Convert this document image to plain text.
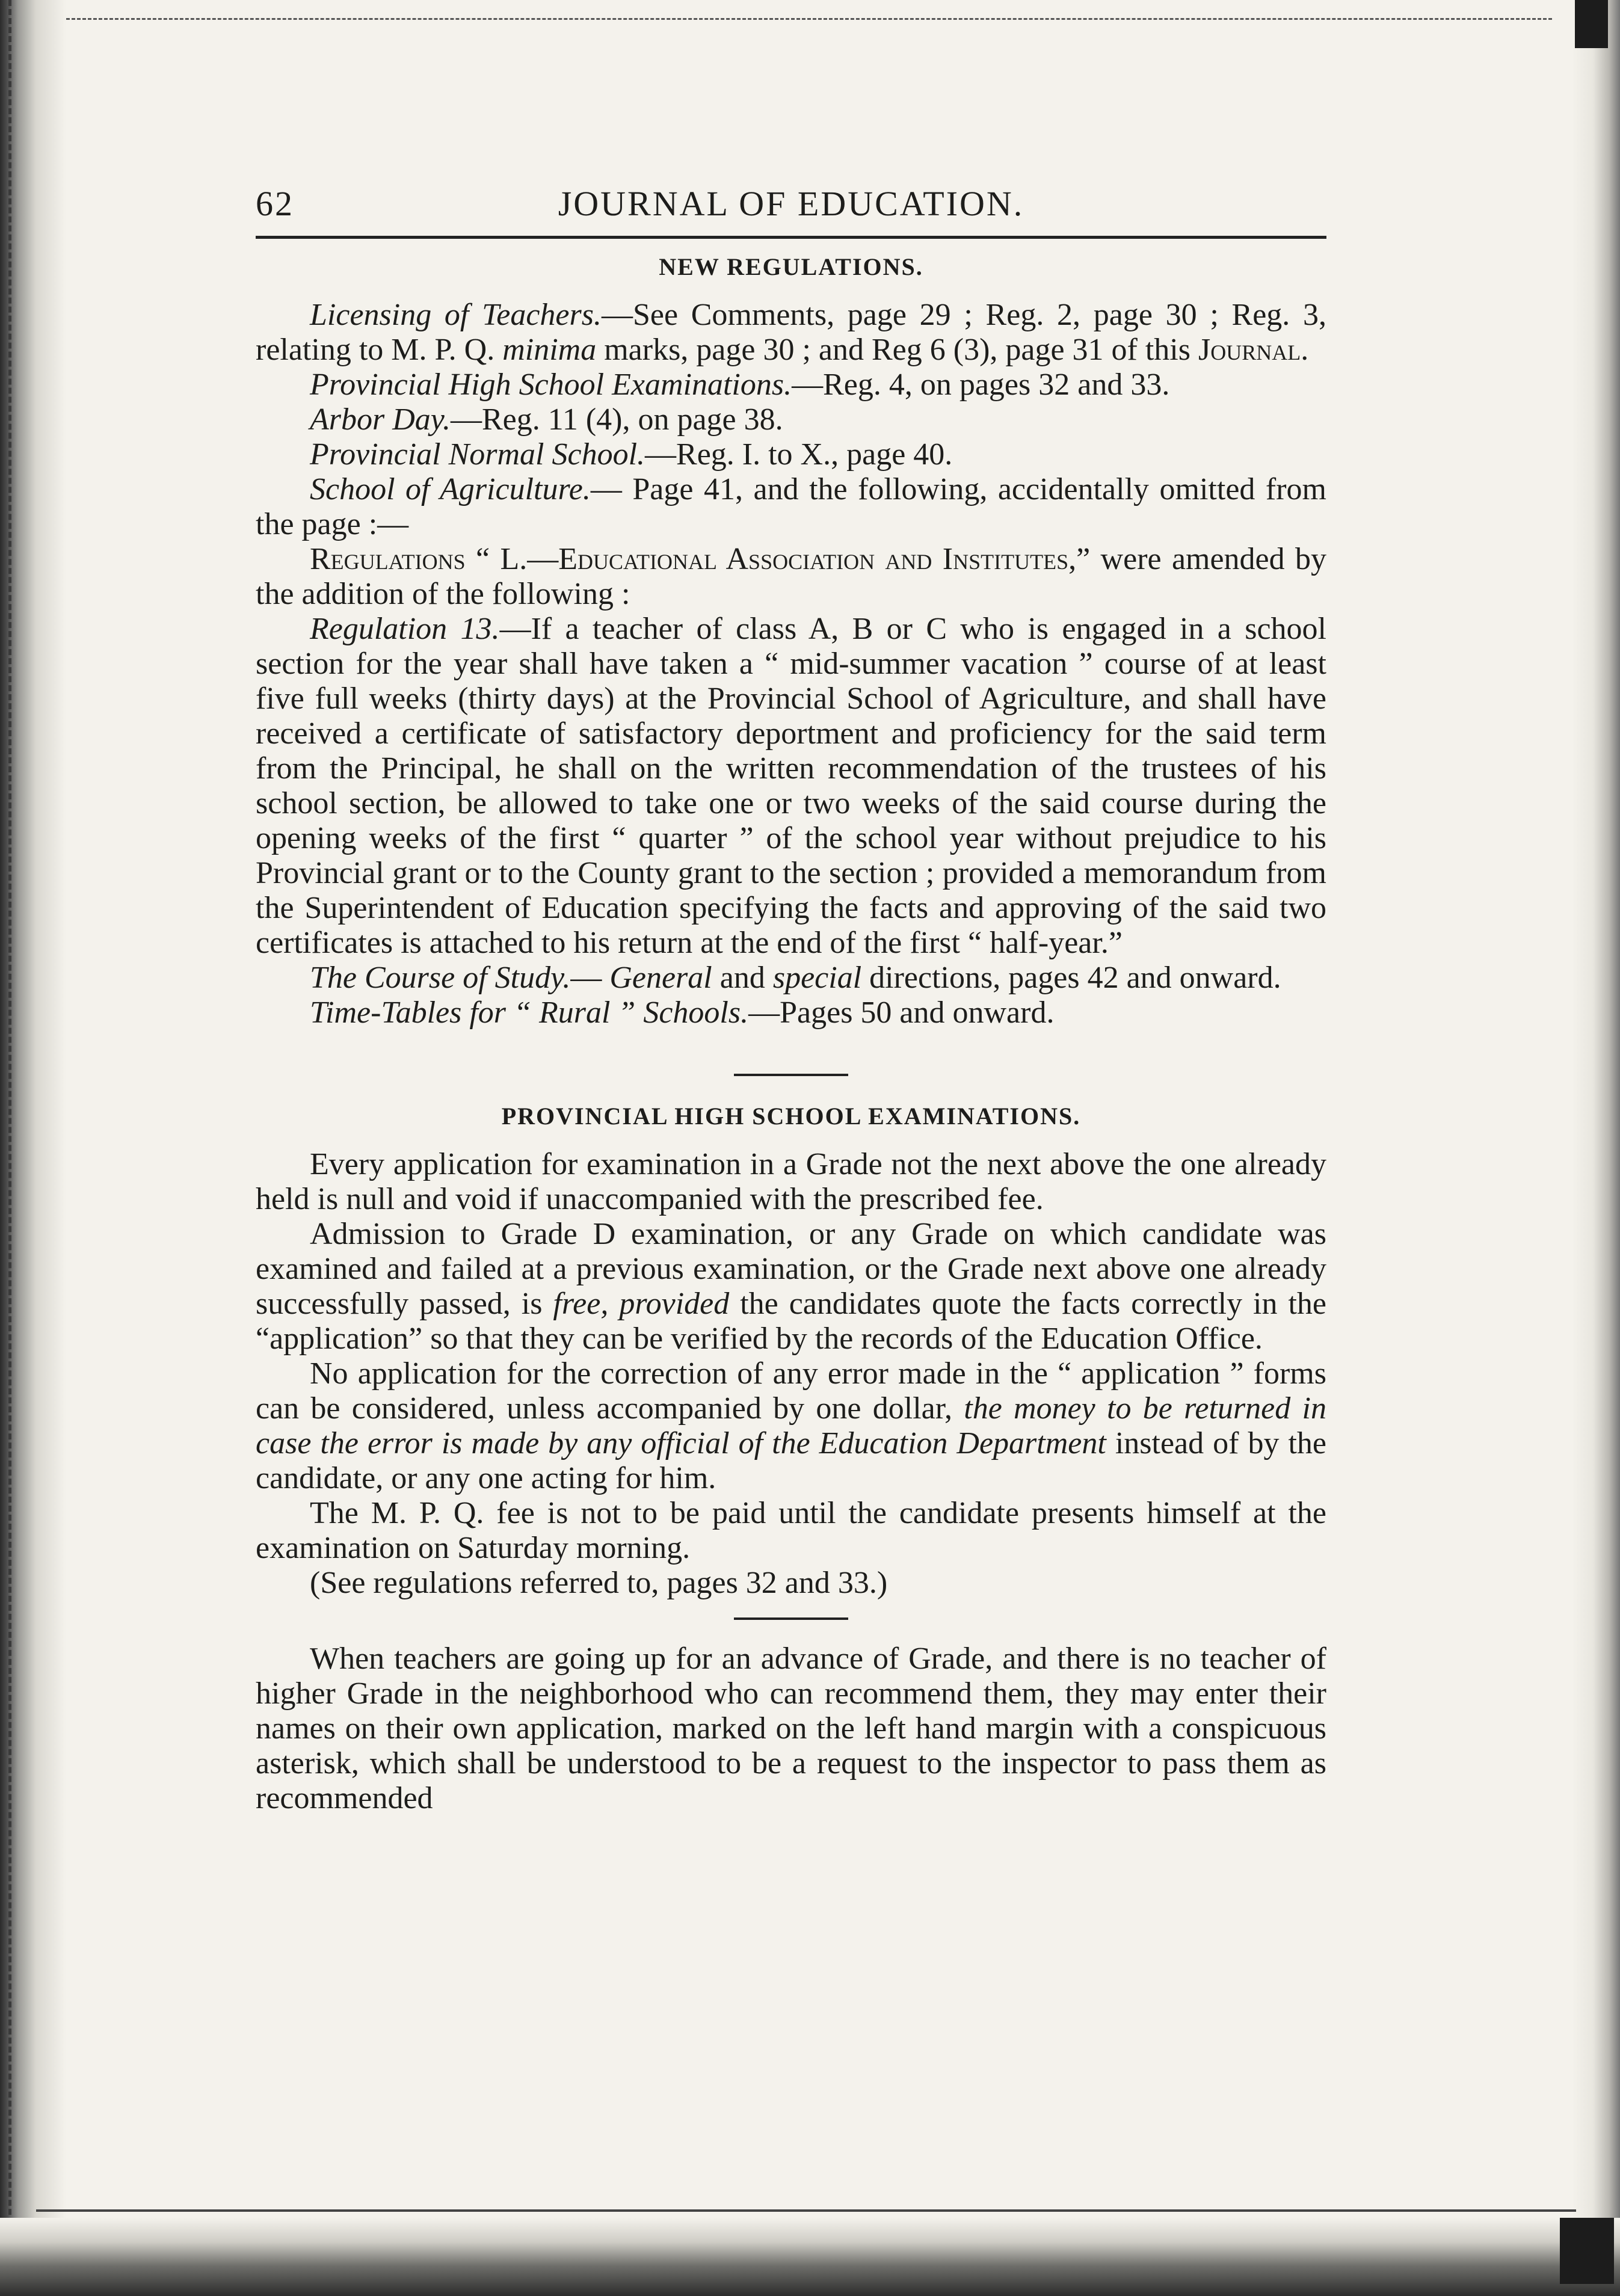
62	JOURNAL OF EDUCATION.
NEW REGULATIONS.

Licensing of Teachers.—See Comments, page 29 ; Reg. 2, page 30 ; Reg. 3, relating to M. P. Q. minima marks, page 30 ; and Reg 6 (3), page 31 of this Journal.

Provincial High School Examinations.—Reg. 4, on pages 32 and 33.

Arbor Day.—Reg. 11 (4), on page 38.

Provincial Normal School.—Reg. I. to X., page 40.

School of Agriculture.— Page 41, and the following, accidentally omitted from the page :—

Regulations “ L.—Educational Association and Institutes,” were amended by the addition of the following :

Regulation 13.—If a teacher of class A, B or C who is engaged in a school section for the year shall have taken a “ mid-summer vacation ” course of at least five full weeks (thirty days) at the Provincial School of Agriculture, and shall have received a certificate of satisfactory deportment and proficiency for the said term from the Principal, he shall on the written recommendation of the trustees of his school section, be allowed to take one or two weeks of the said course during the opening weeks of the first “ quarter ” of the school year without prejudice to his Provincial grant or to the County grant to the section ; provided a memorandum from the Superintendent of Education specifying the facts and approving of the said two certificates is attached to his return at the end of the first “ half-year.”

The Course of Study.— General and special directions, pages 42 and onward.

Time-Tables for “ Rural ” Schools.—Pages 50 and onward.

PROVINCIAL HIGH SCHOOL EXAMINATIONS.

Every application for examination in a Grade not the next above the one already held is null and void if unaccompanied with the prescribed fee.

Admission to Grade D examination, or any Grade on which candidate was examined and failed at a previous examination, or the Grade next above one already successfully passed, is free, provided the candidates quote the facts correctly in the “application” so that they can be verified by the records of the Education Office.

No application for the correction of any error made in the “ application ” forms can be considered, unless accompanied by one dollar, the money to be returned in case the error is made by any official of the Education Department instead of by the candidate, or any one acting for him.

The M. P. Q. fee is not to be paid until the candidate presents himself at the examination on Saturday morning.

(See regulations referred to, pages 32 and 33.)

When teachers are going up for an advance of Grade, and there is no teacher of higher Grade in the neighborhood who can recommend them, they may enter their names on their own application, marked on the left hand margin with a conspicuous asterisk, which shall be understood to be a request to the inspector to pass them as recommended
